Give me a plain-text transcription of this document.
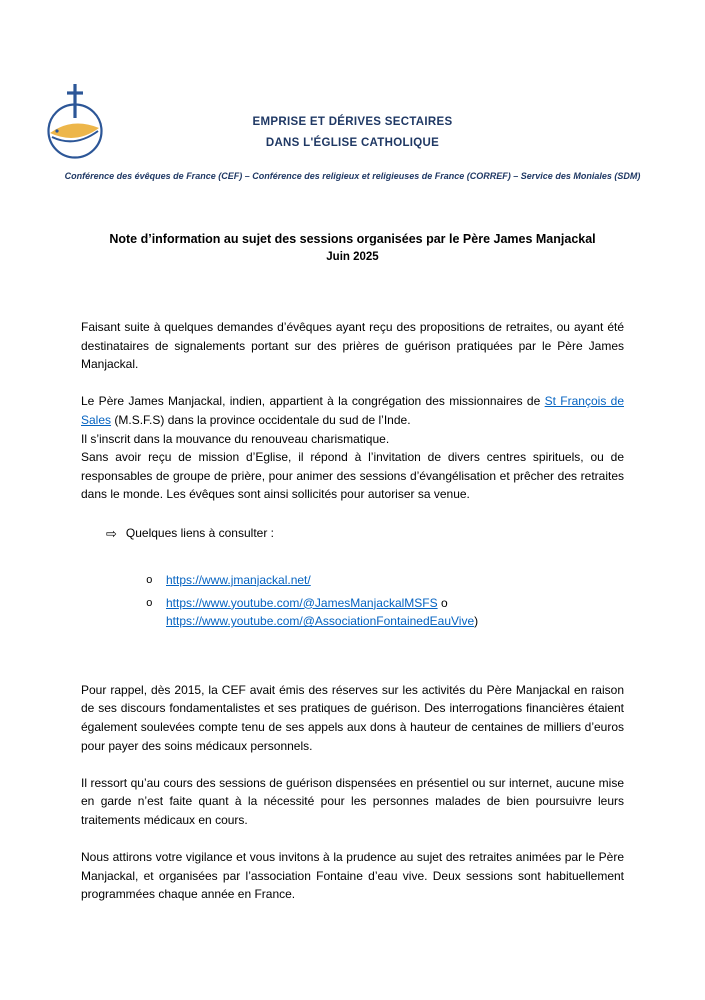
EMPRISE ET DÉRIVES SECTAIRES
DANS L'ÉGLISE CATHOLIQUE
Conférence des évêques de France (CEF) – Conférence des religieux et religieuses de France (CORREF) – Service des Moniales (SDM)
Note d’information au sujet des sessions organisées par le Père James Manjackal
Juin 2025

Faisant suite à quelques demandes d’évêques ayant reçu des propositions de retraites, ou ayant été destinataires de signalements portant sur des prières de guérison pratiquées par le Père James Manjackal.

Le Père James Manjackal, indien, appartient à la congrégation des missionnaires de St François de Sales (M.S.F.S) dans la province occidentale du sud de l’Inde.

Il s’inscrit dans la mouvance du renouveau charismatique.

Sans avoir reçu de mission d’Eglise, il répond à l’invitation de divers centres spirituels, ou de responsables de groupe de prière, pour animer des sessions d’évangélisation et prêcher des retraites dans le monde. Les évêques sont ainsi sollicités pour autoriser sa venue.

⇨ Quelques liens à consulter :
o https://www.jmanjackal.net/
o https://www.youtube.com/@JamesManjackalMSFS o
https://www.youtube.com/@AssociationFontainedEauVive)

Pour rappel, dès 2015, la CEF avait émis des réserves sur les activités du Père Manjackal en raison de ses discours fondamentalistes et ses pratiques de guérison. Des interrogations financières étaient également soulevées compte tenu de ses appels aux dons à hauteur de centaines de milliers d’euros pour payer des soins médicaux personnels.

Il ressort qu’au cours des sessions de guérison dispensées en présentiel ou sur internet, aucune mise en garde n’est faite quant à la nécessité pour les personnes malades de bien poursuivre leurs traitements médicaux en cours.

Nous attirons votre vigilance et vous invitons à la prudence au sujet des retraites animées par le Père Manjackal, et organisées par l’association Fontaine d’eau vive. Deux sessions sont habituellement programmées chaque année en France.
